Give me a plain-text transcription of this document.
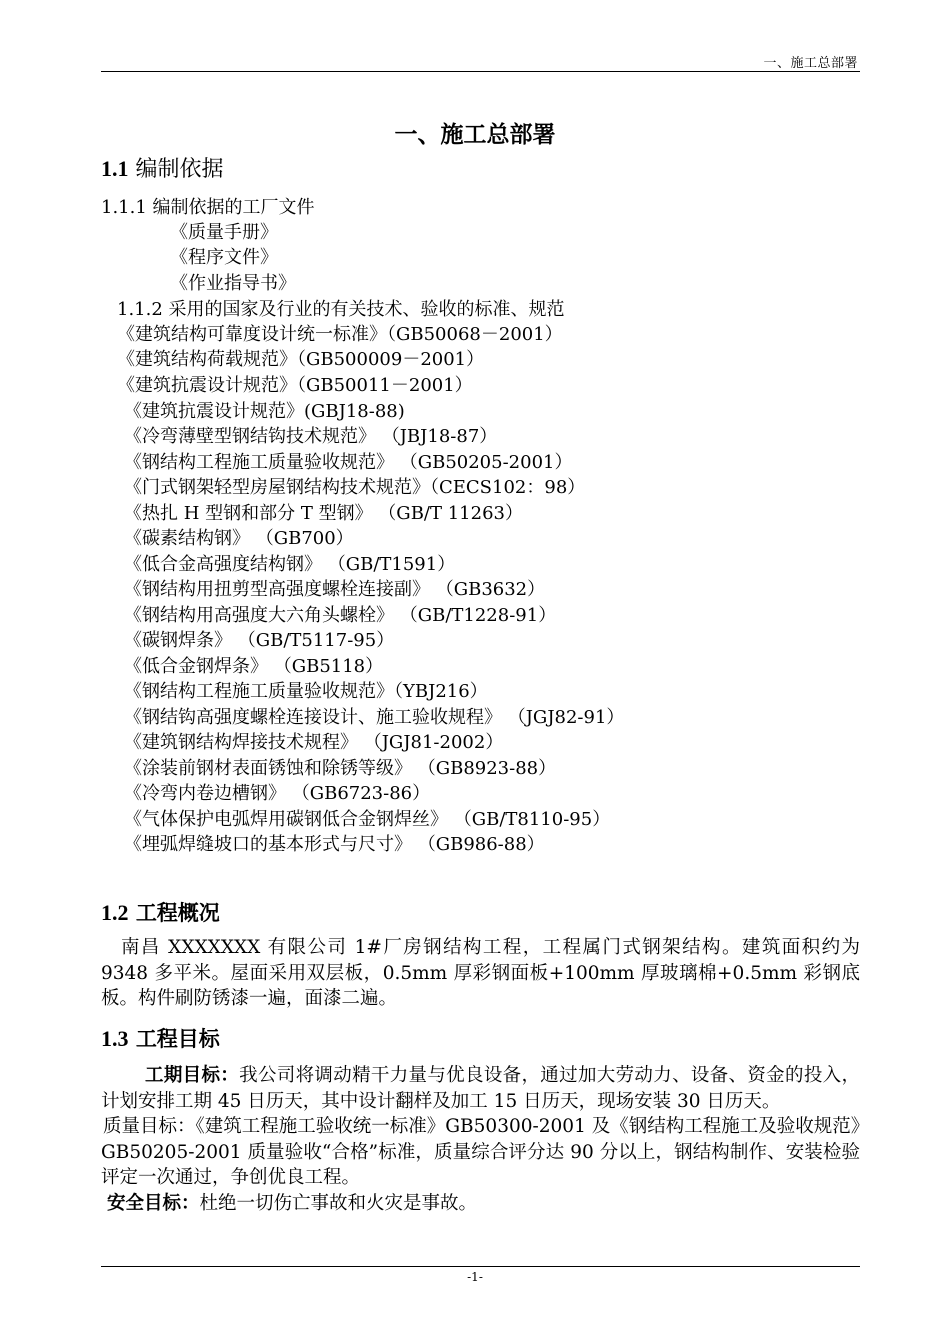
一、施工总部署
一、施工总部署
1.1 编制依据
1.1.1 编制依据的工厂文件
《质量手册》
《程序文件》
《作业指导书》
1.1.2 采用的国家及行业的有关技术、验收的标准、规范
《建筑结构可靠度设计统一标准》（GB50068－2001）
《建筑结构荷载规范》（GB500009－2001）
《建筑抗震设计规范》（GB50011－2001）
《建筑抗震设计规范》(GBJ18-88)
《冷弯薄壁型钢结钩技术规范》 （JBJ18-87）
《钢结构工程施工质量验收规范》 （GB50205-2001）
《门式钢架轻型房屋钢结构技术规范》（CECS102：98）
《热扎 H 型钢和部分 T 型钢》 （GB/T 11263）
《碳素结构钢》 （GB700）
《低合金高强度结构钢》 （GB/T1591）
《钢结构用扭剪型高强度螺栓连接副》 （GB3632）
《钢结构用高强度大六角头螺栓》 （GB/T1228-91）
《碳钢焊条》 （GB/T5117-95）
《低合金钢焊条》 （GB5118）
《钢结构工程施工质量验收规范》（YBJ216）
《钢结钩高强度螺栓连接设计、施工验收规程》 （JGJ82-91）
《建筑钢结构焊接技术规程》 （JGJ81-2002）
《涂装前钢材表面锈蚀和除锈等级》 （GB8923-88）
《冷弯内卷边槽钢》 （GB6723-86）
《气体保护电弧焊用碳钢低合金钢焊丝》 （GB/T8110-95）
《埋弧焊缝坡口的基本形式与尺寸》 （GB986-88）
1.2 工程概况

南昌 XXXXXXX 有限公司 1#厂房钢结构工程，工程属门式钢架结构。建筑面积约为 9348 多平米。屋面采用双层板，0.5mm 厚彩钢面板+100mm 厚玻璃棉+0.5mm 彩钢底板。构件刷防锈漆一遍，面漆二遍。

1.3 工程目标

工期目标：我公司将调动精干力量与优良设备，通过加大劳动力、设备、资金的投入，计划安排工期 45 日历天，其中设计翻样及加工 15 日历天，现场安装 30 日历天。

质量目标：《建筑工程施工验收统一标准》GB50300-2001 及《钢结构工程施工及验收规范》GB50205-2001 质量验收“合格”标准，质量综合评分达 90 分以上，钢结构制作、安装检验评定一次通过，争创优良工程。

安全目标：杜绝一切伤亡事故和火灾是事故。

-1-
